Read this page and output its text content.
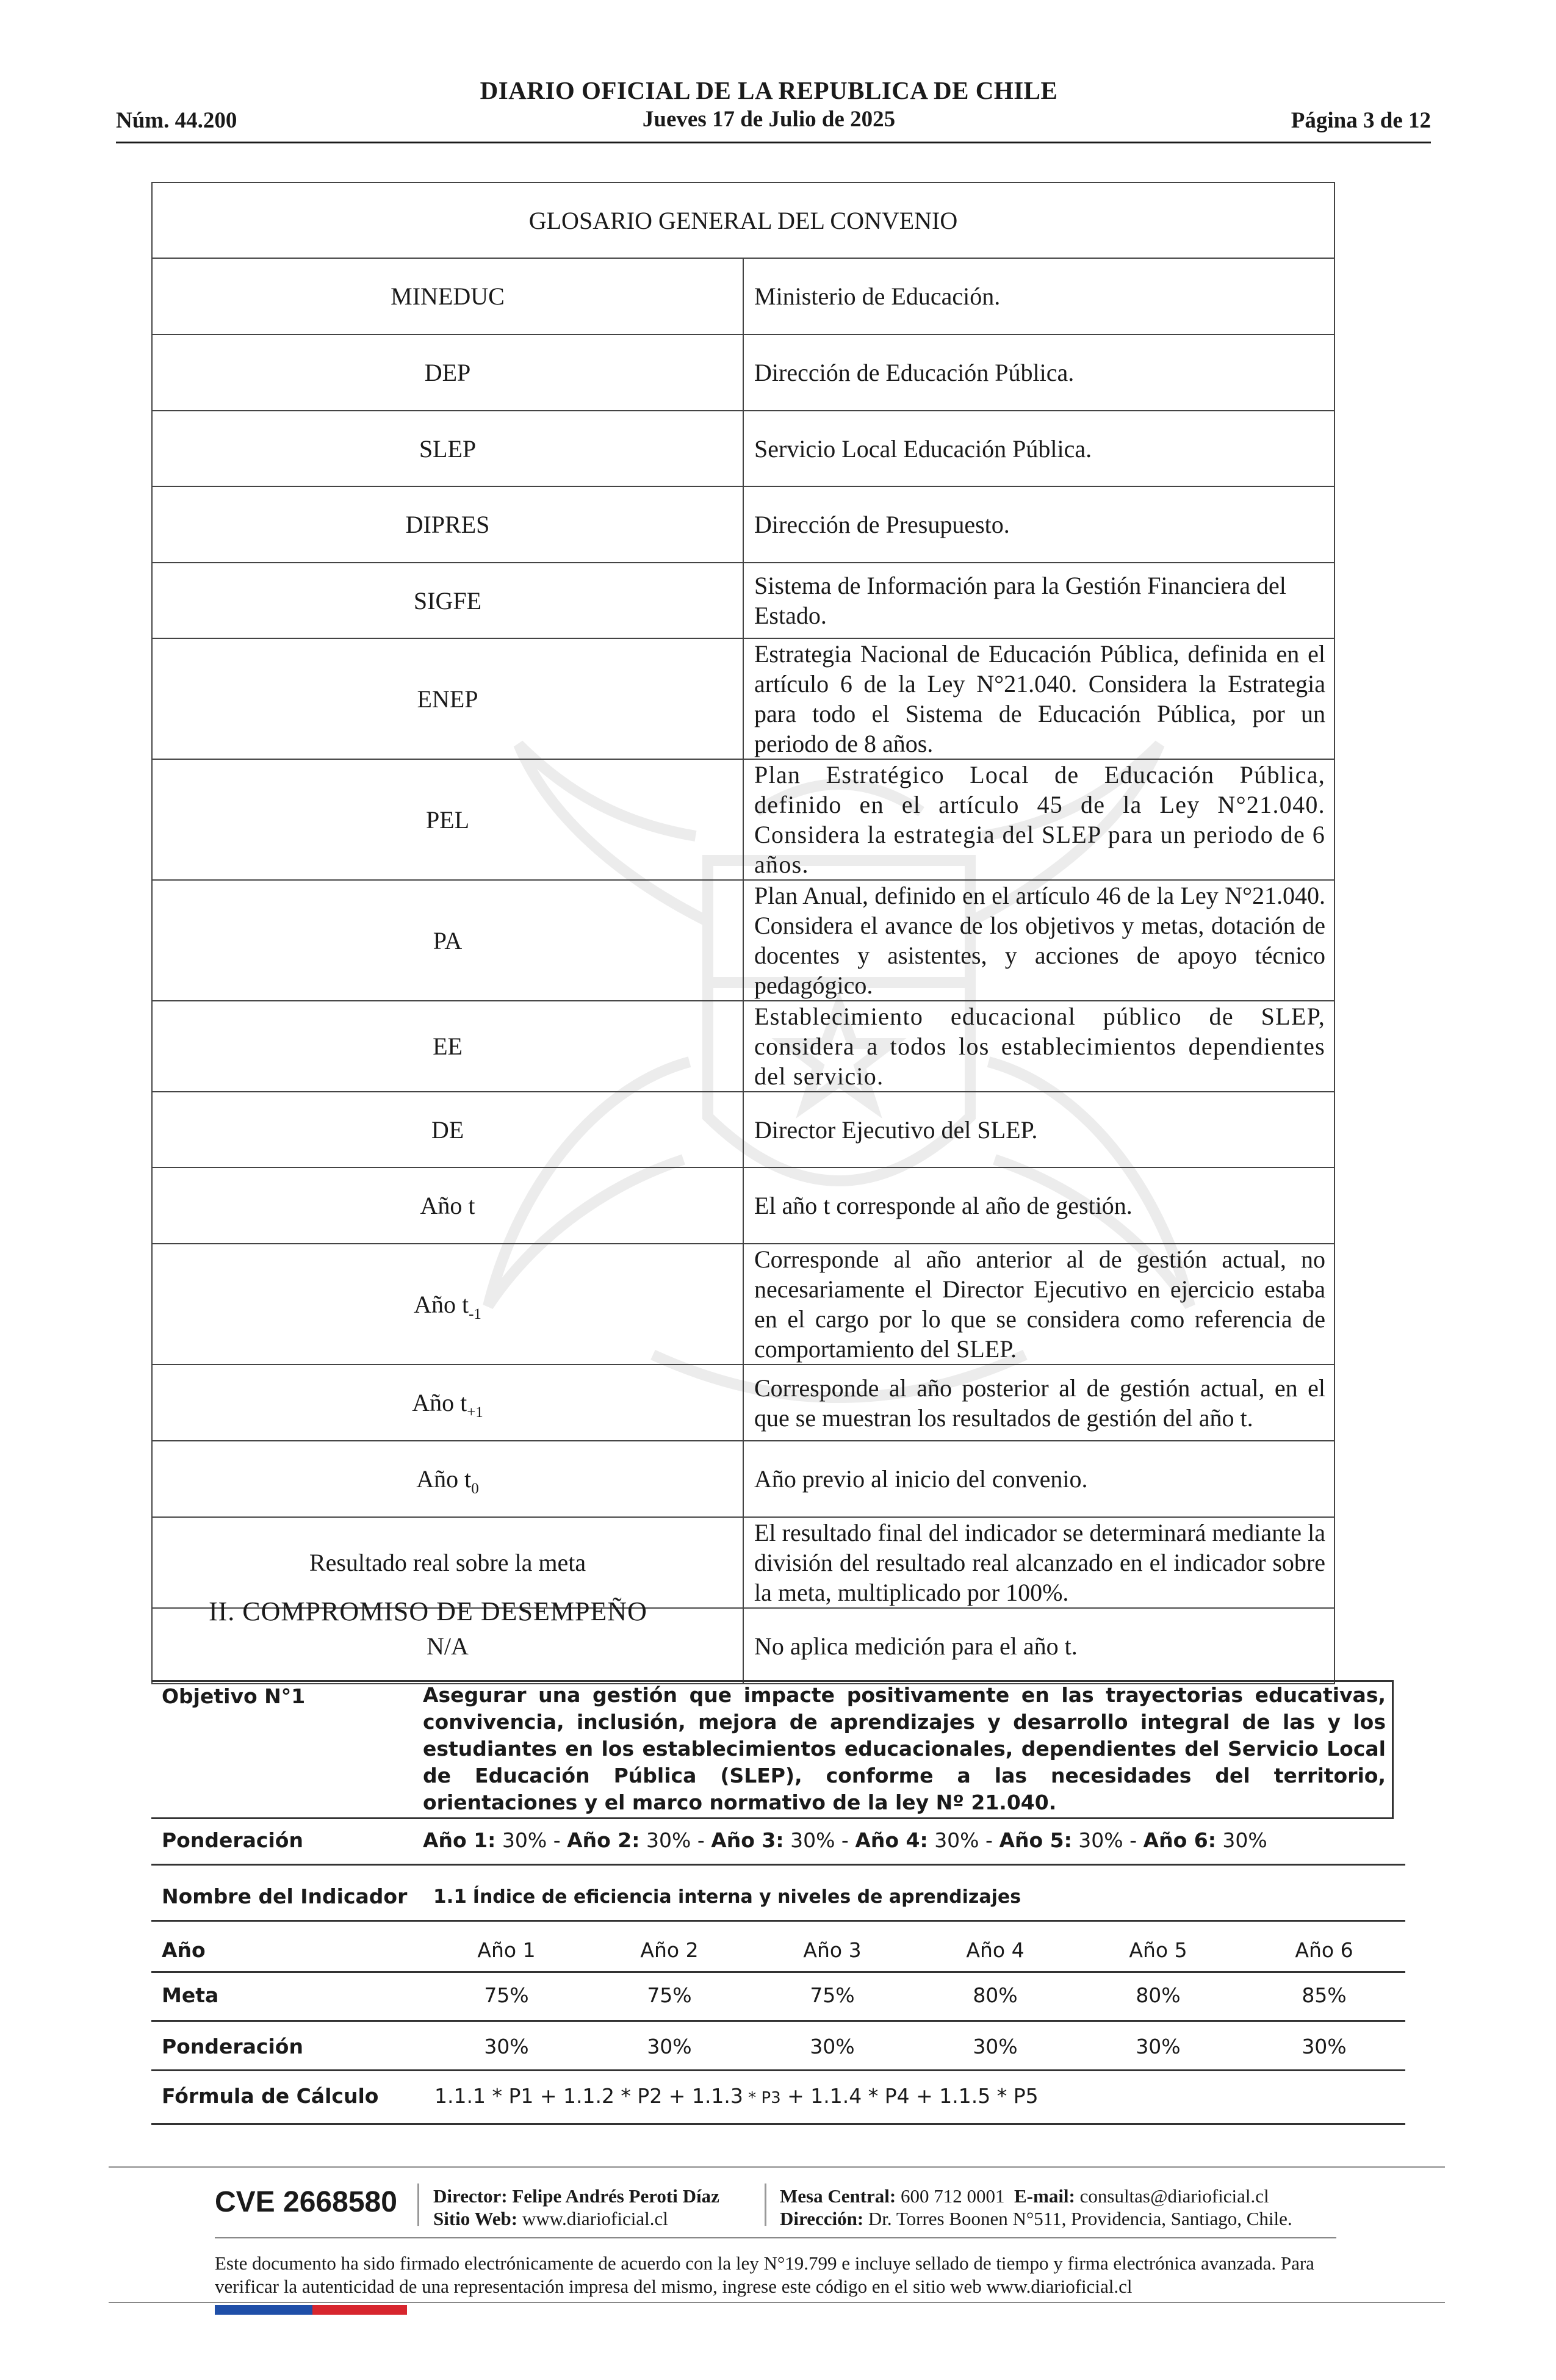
DIARIO OFICIAL DE LA REPUBLICA DE CHILE
Núm. 44.200	Jueves 17 de Julio de 2025	Página 3 de 12
GLOSARIO GENERAL DEL CONVENIO	
MINEDUC	Ministerio de Educación.
DEP	Dirección de Educación Pública.
SLEP	Servicio Local Educación Pública.
DIPRES	Dirección de Presupuesto.
SIGFE	Sistema de Información para la Gestión Financiera del Estado.
ENEP	Estrategia Nacional de Educación Pública, definida en el artículo 6 de la Ley N°21.040. Considera la Estrategia para todo el Sistema de Educación Pública, por un periodo de 8 años.
PEL	Plan Estratégico Local de Educación Pública, definido en el artículo 45 de la Ley N°21.040. Considera la estrategia del SLEP para un periodo de 6 años.
PA	Plan Anual, definido en el artículo 46 de la Ley N°21.040. Considera el avance de los objetivos y metas, dotación de docentes y asistentes, y acciones de apoyo técnico pedagógico.
EE	Establecimiento educacional público de SLEP, considera a todos los establecimientos dependientes del servicio.
DE	Director Ejecutivo del SLEP.
Año t	El año t corresponde al año de gestión.
Año $t_{-1}$	Corresponde al año anterior al de gestión actual, no necesariamente el Director Ejecutivo en ejercicio estaba en el cargo por lo que se considera como referencia de comportamiento del SLEP.
Año $t_{+1}$	Corresponde al año posterior al de gestión actual, en el que se muestran los resultados de gestión del año t.
Año $t_0$	Año previo al inicio del convenio.
Resultado real sobre la meta	El resultado final del indicador se determinará mediante la división del resultado real alcanzado en el indicador sobre la meta, multiplicado por 100%.
N/A	No aplica medición para el año t.
II. COMPROMISO DE DESEMPEÑO
Objetivo N°1	Asegurar una gestión que impacte positivamente en las trayectorias educativas, convivencia, inclusión, mejora de aprendizajes y desarrollo integral de las y los estudiantes en los establecimientos educacionales, dependientes del Servicio Local de Educación Pública (SLEP), conforme a las necesidades del territorio, orientaciones y el marco normativo de la ley Nº 21.040.
Ponderación	Año 1: 30% - Año 2: 30% - Año 3: 30% - Año 4: 30% - Año 5: 30% - Año 6: 30%
Nombre del Indicador 1.1 Índice de eficiencia interna y niveles de aprendizajes
Año	Año 1	Año 2	Año 3	Año 4	Año 5	Año 6
Meta	75%	75%	75%	80%	80%	85%
Ponderación	30%	30%	30%	30%	30%	30%
Fórmula de Cálculo	1.1.1 * P1 + 1.1.2 * P2 + 1.1.3 * P3 + 1.1.4 * P4 + 1.1.5 * P5
CVE 2668580 Director: Felipe Andrés Peroti Díaz
Sitio Web: www.diarioficial.cl
Mesa Central: 600 712 0001 E-mail: consultas@diarioficial.cl
Dirección: Dr. Torres Boonen N°511, Providencia, Santiago, Chile.
Este documento ha sido firmado electrónicamente de acuerdo con la ley N°19.799 e incluye sellado de tiempo y firma electrónica avanzada. Para verificar la autenticidad de una representación impresa del mismo, ingrese este código en el sitio web www.diarioficial.cl
